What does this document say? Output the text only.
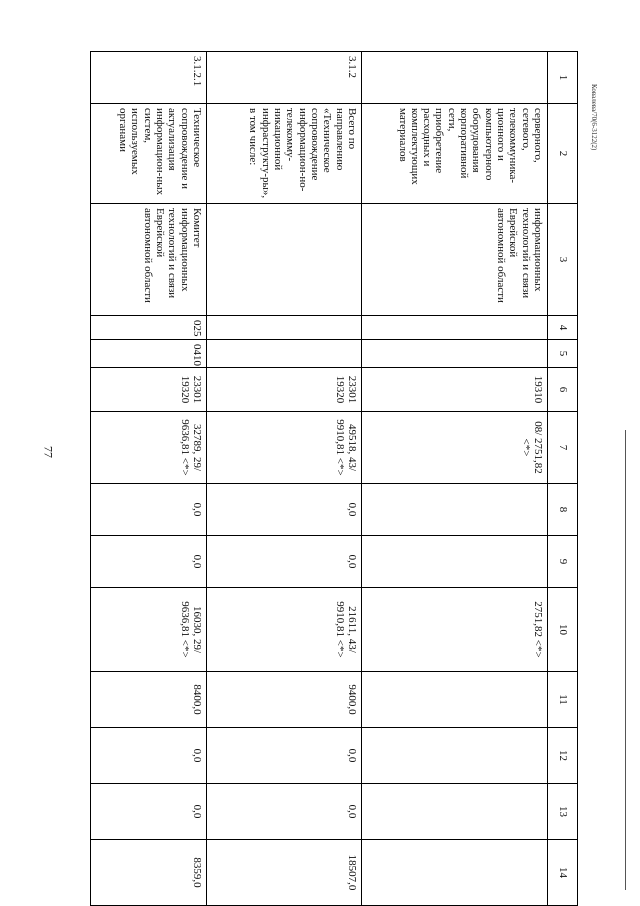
77
1	2	3	4	5	6	7	8	9	10	11	12	13	14
	серверного, сетевого, телекоммуника-ционного и компьютерного оборудования корпоративной сети, приобретение расходных и комплектующих материалов	информационных технологий и связи Еврейской автономной области			19310	08/ 2751,82 <*>			2751,82 <*>				
3.1.2	Всего по направлению «Техническое сопровождение информацион-но-телекомму-никационной инфраструкту-ры», в том числе:				23301 19320	49518, 43/ 9910,81 <*>	0,0	0,0	21611, 43/ 9910,81 <*>	9400,0	0,0	0,0	18507,0
3.1.2.1	Техническое сопровождение и актуализация информацион-ных систем, используемых органами	Комитет информационных технологий и связи Еврейской автономной области	025	0410	23301 19320	32789, 29/ 9636,81 <*>	0,0	0,0	16030, 29/ 9636,81 <*>	8400,0	0,0	0,0	8359,0
Ковалева/70(6-3122(2)
